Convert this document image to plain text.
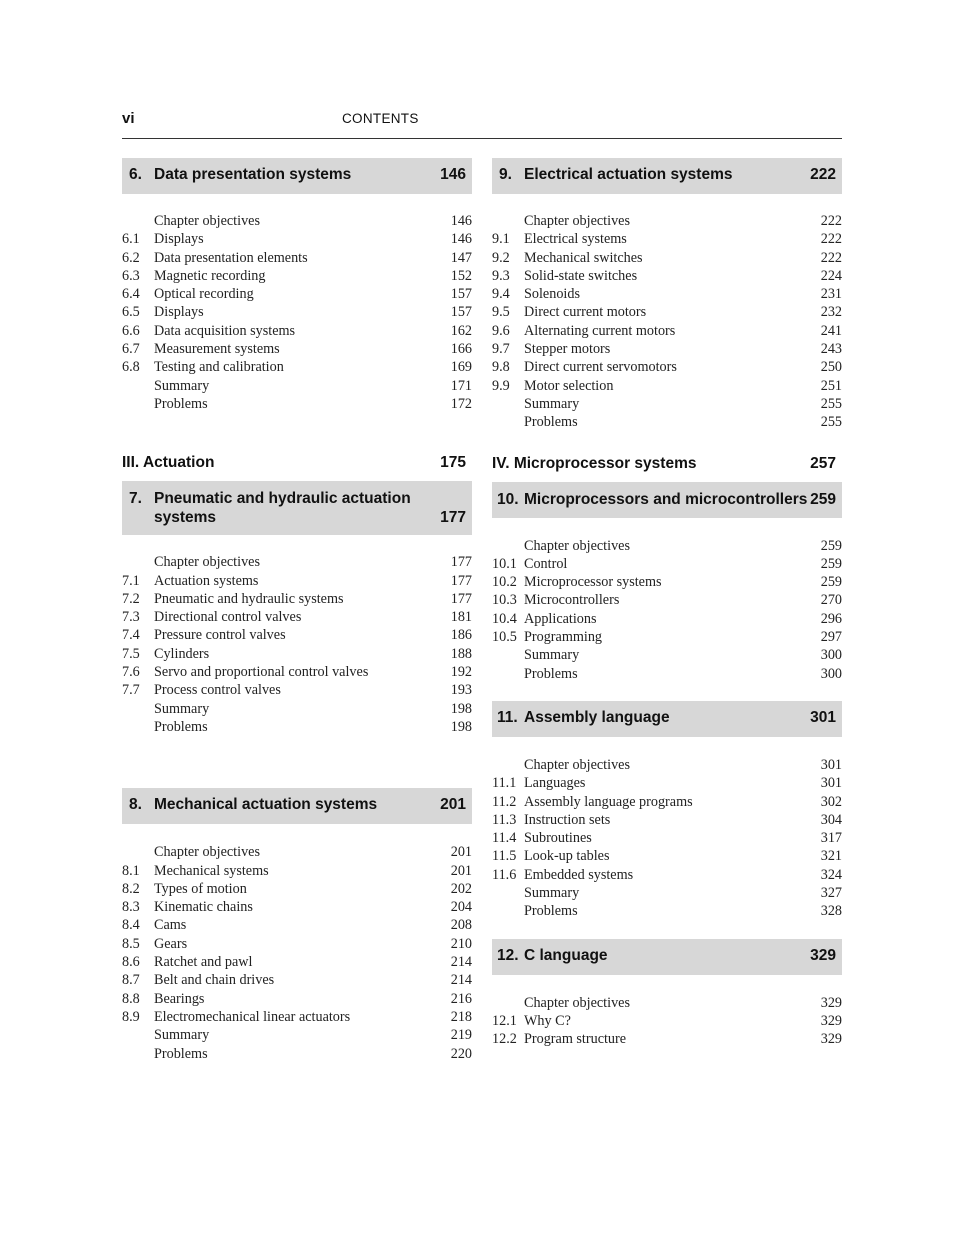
vi	CONTENTS
6. Data presentation systems	146
Chapter objectives	146
6.1 Displays	146
6.2 Data presentation elements	147
6.3 Magnetic recording	152
6.4 Optical recording	157
6.5 Displays	157
6.6 Data acquisition systems	162
6.7 Measurement systems	166
6.8 Testing and calibration	169
Summary	171
Problems	172
III. Actuation	175
7. Pneumatic and hydraulic actuation
systems	177
Chapter objectives	177
7.1 Actuation systems	177
7.2 Pneumatic and hydraulic systems	177
7.3 Directional control valves	181
7.4 Pressure control valves	186
7.5 Cylinders	188
7.6 Servo and proportional control valves	192
7.7 Process control valves	193
Summary	198
Problems	198
8. Mechanical actuation systems	201
Chapter objectives	201
8.1 Mechanical systems	201
8.2 Types of motion	202
8.3 Kinematic chains	204
8.4 Cams	208
8.5 Gears	210
8.6 Ratchet and pawl	214
8.7 Belt and chain drives	214
8.8 Bearings	216
8.9 Electromechanical linear actuators	218
Summary	219
Problems	220
9. Electrical actuation systems	222
Chapter objectives	222
9.1 Electrical systems	222
9.2 Mechanical switches	222
9.3 Solid-state switches	224
9.4 Solenoids	231
9.5 Direct current motors	232
9.6 Alternating current motors	241
9.7 Stepper motors	243
9.8 Direct current servomotors	250
9.9 Motor selection	251
Summary	255
Problems	255
IV. Microprocessor systems	257
10. Microprocessors and microcontrollers 259
Chapter objectives	259
10.1 Control	259
10.2 Microprocessor systems	259
10.3 Microcontrollers	270
10.4 Applications	296
10.5 Programming	297
Summary	300
Problems	300
11. Assembly language	301
Chapter objectives	301
11.1 Languages	301
11.2 Assembly language programs	302
11.3 Instruction sets	304
11.4 Subroutines	317
11.5 Look-up tables	321
11.6 Embedded systems	324
Summary	327
Problems	328
12. C language	329
Chapter objectives	329
12.1 Why C?	329
12.2 Program structure	329
